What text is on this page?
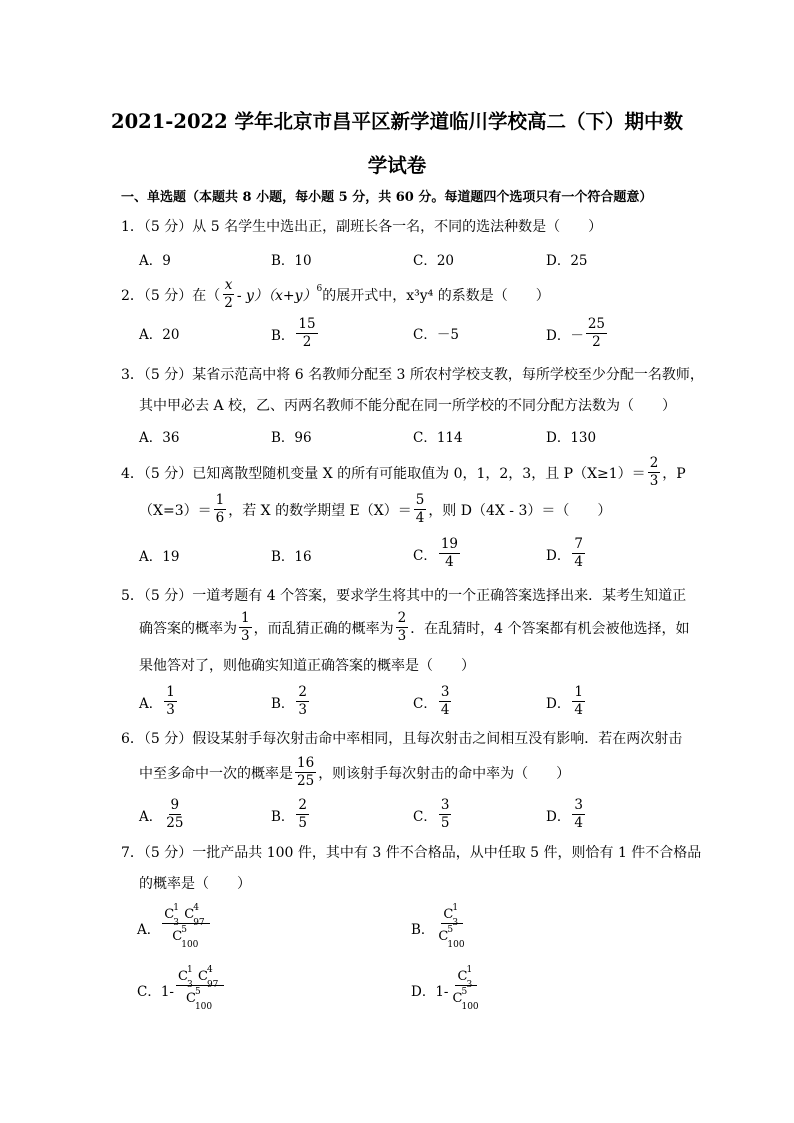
2021-2022 学年北京市昌平区新学道临川学校高二（下）期中数
学试卷
一、单选题（本题共 8 小题，每小题 5 分，共 60 分。每道题四个选项只有一个符合题意）
1．（5 分）从 5 名学生中选出正，副班长各一名，不同的选法种数是（　　）
A．9	B．10	C．20	D．25
2．（5 分）在（ $\frac{x}{2} - y)(x+y)^6$ 的展开式中，x³y⁴ 的系数是（　　）
A．20	B． $\frac{15}{2}$	C．－5	D．－ $\frac{25}{2}$
3．（5 分）某省示范高中将 6 名教师分配至 3 所农村学校支教，每所学校至少分配一名教师，
其中甲必去 A 校，乙、丙两名教师不能分配在同一所学校的不同分配方法数为（　　）
A．36	B．96	C．114	D．130
4．（5 分）已知离散型随机变量 X 的所有可能取值为 0，1，2，3，且 $P(X\ge 1)= \frac{2}{3}$ ，P
$(X=3)= \frac{1}{6}$ ，若 X 的数学期望 $E(X)= \frac{5}{4}$ ，则 D（4X - 3）＝（　　）
A．19	B．16	C． $\frac{19}{4}$	D． $\frac{7}{4}$
5．（5 分）一道考题有 4 个答案，要求学生将其中的一个正确答案选择出来．某考生知道正
确答案的概率为 $\frac{1}{3}$ ，而乱猜正确的概率为 $\frac{2}{3}$ ．在乱猜时，4 个答案都有机会被他选择，如
果他答对了，则他确实知道正确答案的概率是（　　）
A． $\frac{1}{3}$	B． $\frac{2}{3}$	C． $\frac{3}{4}$	D． $\frac{1}{4}$
6．（5 分）假设某射手每次射击命中率相同，且每次射击之间相互没有影响．若在两次射击
中至多命中一次的概率是 $\frac{16}{25}$ ，则该射手每次射击的命中率为（　　）
A． $\frac{9}{25}$	B． $\frac{2}{5}$	C． $\frac{3}{5}$	D． $\frac{3}{4}$
7．（5 分）一批产品共 100 件，其中有 3 件不合格品，从中任取 5 件，则恰有 1 件不合格品
的概率是（　　）
A． C 1
3
C 4
97
C 5
100	B． C 1
3
C 5
100
C．1- C 1
3
C 4
97
C 5
100	D．1- C 1
3
C 5
100
